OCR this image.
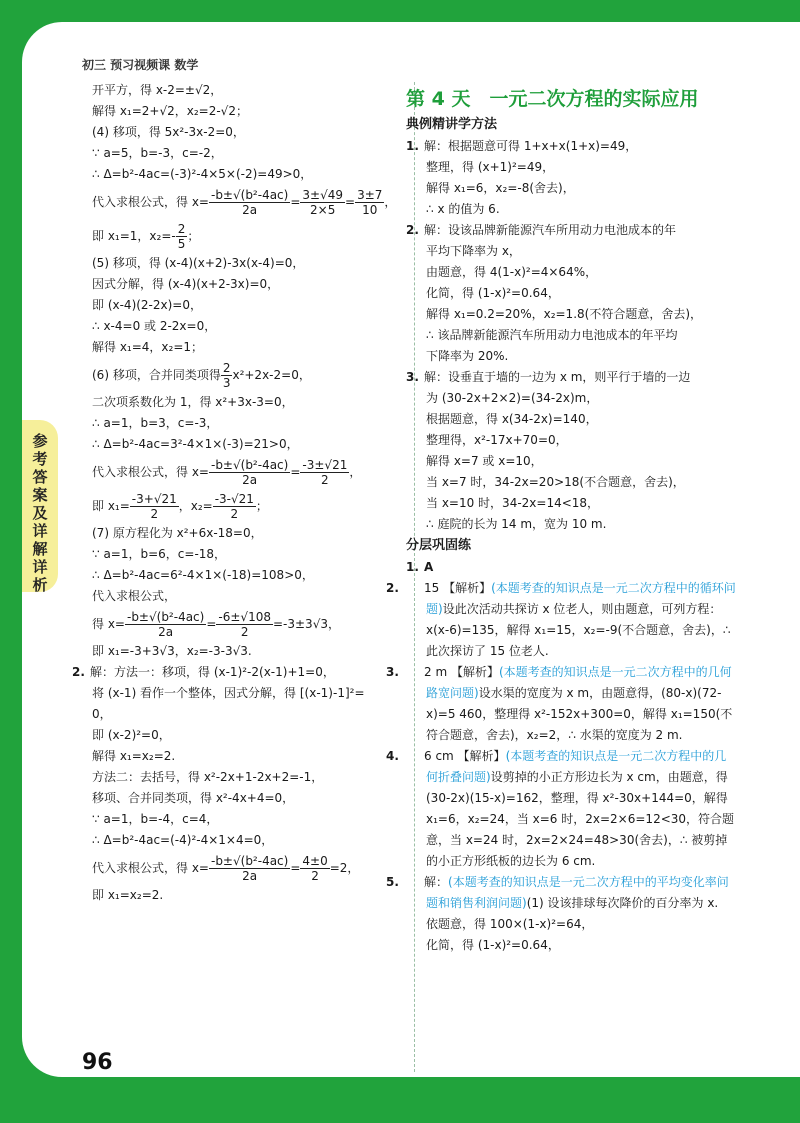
初三 预习视频课 数学
参考答案及详解详析
96
开平方，得 x-2=±√2，
解得 x₁=2+√2，x₂=2-√2；
(4) 移项，得 5x²-3x-2=0，
∵ a=5，b=-3，c=-2，
∴ Δ=b²-4ac=(-3)²-4×5×(-2)=49>0，
代入求根公式，得 $x= \frac{\text{-b±√(b²-4ac)}}{2a} = \frac{3\pm√49}{2\times 5} = \frac{3\pm 7}{10}$ ，
即 x₁=1，$x_2=- \frac{2}{5}$ ；
(5) 移项，得 (x-4)(x+2)-3x(x-4)=0，
因式分解，得 (x-4)(x+2-3x)=0，
即 (x-4)(2-2x)=0，
∴ x-4=0 或 2-2x=0，
解得 x₁=4，x₂=1；
(6) 移项，合并同类项得 $\frac{2}{3} x^2+2x-2=0$，
二次项系数化为 1，得 x²+3x-3=0，
∴ a=1，b=3，c=-3，
∴ Δ=b²-4ac=3²-4×1×(-3)=21>0，
代入求根公式，得 $x= \frac{\text{-b±√(b²-4ac)}}{2a} = \frac{-3\pm√21}{2}$ ，
即 $x_1= \frac{-3+√21}{2}$ ，$x_2= \frac{-3-√21}{2}$ ；
(7) 原方程化为 x²+6x-18=0，
∵ a=1，b=6，c=-18，
∴ Δ=b²-4ac=6²-4×1×(-18)=108>0，
代入求根公式，
得 $x= \frac{\text{-b±√(b²-4ac)}}{2a} = \frac{-6\pm√108}{2} =-3\pm 3√3$，
即 x₁=-3+3√3，x₂=-3-3√3.
2. 解：方法一：移项，得 (x-1)²-2(x-1)+1=0，
将 (x-1) 看作一个整体，因式分解，得 [(x-1)-1]²=
0，
即 (x-2)²=0，
解得 x₁=x₂=2.
方法二：去括号，得 x²-2x+1-2x+2=-1，
移项、合并同类项，得 x²-4x+4=0，
∵ a=1，b=-4，c=4，
∴ Δ=b²-4ac=(-4)²-4×1×4=0，
代入求根公式，得 $x= \frac{\text{-b±√(b²-4ac)}}{2a} = \frac{4\pm 0}{2} =2$，
即 x₁=x₂=2.
第 4 天　一元二次方程的实际应用
典例精讲学方法
1. 解：根据题意可得 1+x+x(1+x)=49，
整理，得 (x+1)²=49，
解得 x₁=6，x₂=-8(舍去)，
∴ x 的值为 6.
2. 解：设该品牌新能源汽车所用动力电池成本的年
平均下降率为 x，
由题意，得 4(1-x)²=4×64%，
化简，得 (1-x)²=0.64，
解得 x₁=0.2=20%，x₂=1.8(不符合题意，舍去)，
∴ 该品牌新能源汽车所用动力电池成本的年平均
下降率为 20%.
3. 解：设垂直于墙的一边为 x m，则平行于墙的一边
为 (30-2x+2×2)=(34-2x)m，
根据题意，得 x(34-2x)=140，
整理得，x²-17x+70=0，
解得 x=7 或 x=10，
当 x=7 时，34-2x=20>18(不合题意，舍去)，
当 x=10 时，34-2x=14<18，
∴ 庭院的长为 14 m，宽为 10 m.
分层巩固练
1. A
2. 15 【解析】(本题考查的知识点是一元二次方程中的循环问题)设此次活动共探访 x 位老人，则由题意，可列方程：x(x-6)=135，解得 x₁=15，x₂=-9(不合题意，舍去)，∴ 此次探访了 15 位老人.
3. 2 m 【解析】(本题考查的知识点是一元二次方程中的几何路宽问题)设水渠的宽度为 x m，由题意得，(80-x)(72-x)=5 460，整理得 x²-152x+300=0，解得 x₁=150(不符合题意，舍去)，x₂=2，∴ 水渠的宽度为 2 m.
4. 6 cm 【解析】(本题考查的知识点是一元二次方程中的几何折叠问题)设剪掉的小正方形边长为 x cm，由题意，得 (30-2x)(15-x)=162，整理，得 x²-30x+144=0，解得 x₁=6，x₂=24，当 x=6 时，2x=2×6=12<30，符合题意，当 x=24 时，2x=2×24=48>30(舍去)，∴ 被剪掉的小正方形纸板的边长为 6 cm.
5. 解：(本题考查的知识点是一元二次方程中的平均变化率问题和销售利润问题)(1) 设该排球每次降价的百分率为 x.
依题意，得 100×(1-x)²=64，
化简，得 (1-x)²=0.64，
